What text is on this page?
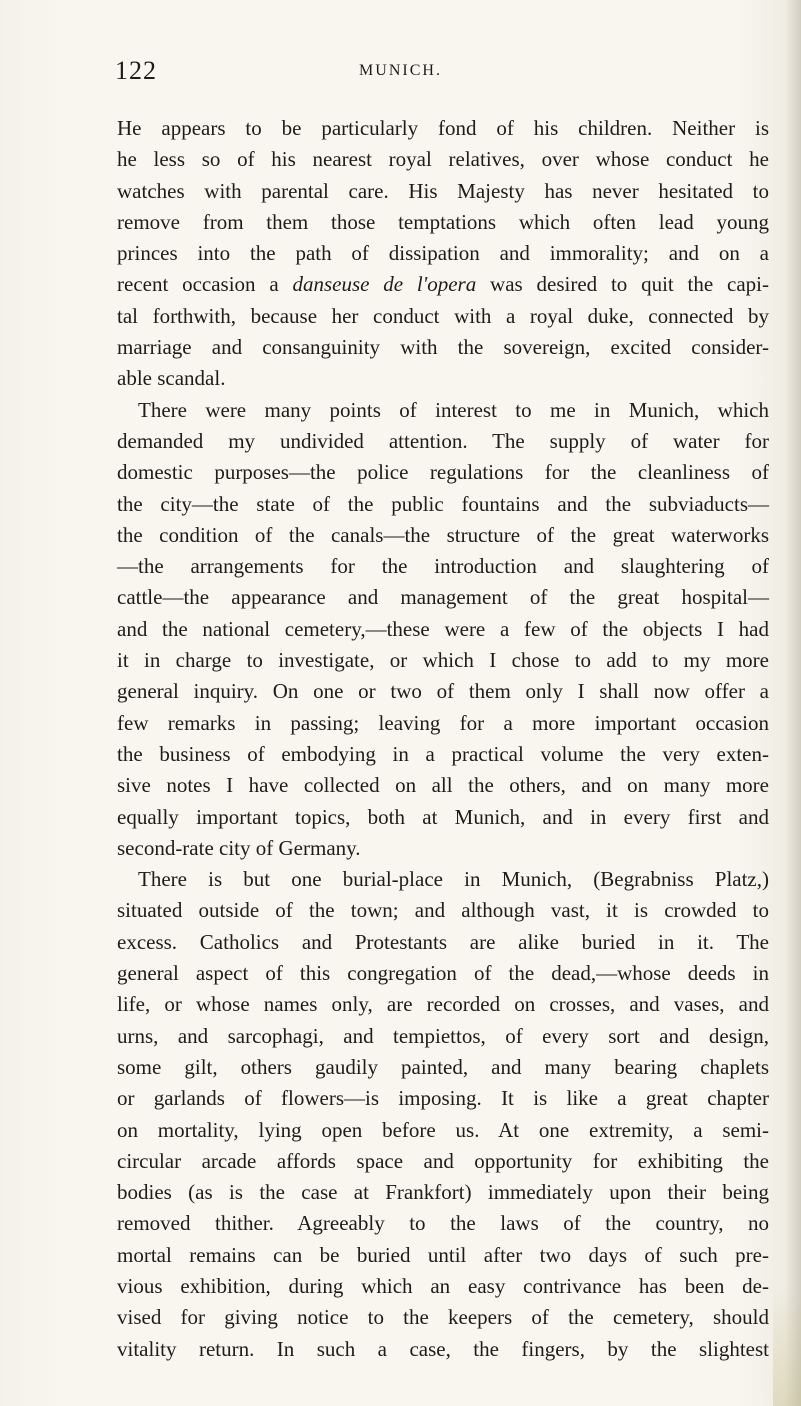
122	MUNICH.
He appears to be particularly fond of his children. Neither is
he less so of his nearest royal relatives, over whose conduct he
watches with parental care. His Majesty has never hesitated to
remove from them those temptations which often lead young
princes into the path of dissipation and immorality; and on a
recent occasion a danseuse de l'opera was desired to quit the capi-
tal forthwith, because her conduct with a royal duke, connected by
marriage and consanguinity with the sovereign, excited consider-
able scandal.
There were many points of interest to me in Munich, which
demanded my undivided attention. The supply of water for
domestic purposes—the police regulations for the cleanliness of
the city—the state of the public fountains and the subviaducts—
the condition of the canals—the structure of the great waterworks
—the arrangements for the introduction and slaughtering of
cattle—the appearance and management of the great hospital—
and the national cemetery,—these were a few of the objects I had
it in charge to investigate, or which I chose to add to my more
general inquiry. On one or two of them only I shall now offer a
few remarks in passing; leaving for a more important occasion
the business of embodying in a practical volume the very exten-
sive notes I have collected on all the others, and on many more
equally important topics, both at Munich, and in every first and
second-rate city of Germany.
There is but one burial-place in Munich, (Begrabniss Platz,)
situated outside of the town; and although vast, it is crowded to
excess. Catholics and Protestants are alike buried in it. The
general aspect of this congregation of the dead,—whose deeds in
life, or whose names only, are recorded on crosses, and vases, and
urns, and sarcophagi, and tempiettos, of every sort and design,
some gilt, others gaudily painted, and many bearing chaplets
or garlands of flowers—is imposing. It is like a great chapter
on mortality, lying open before us. At one extremity, a semi-
circular arcade affords space and opportunity for exhibiting the
bodies (as is the case at Frankfort) immediately upon their being
removed thither. Agreeably to the laws of the country, no
mortal remains can be buried until after two days of such pre-
vious exhibition, during which an easy contrivance has been de-
vised for giving notice to the keepers of the cemetery, should
vitality return. In such a case, the fingers, by the slightest
